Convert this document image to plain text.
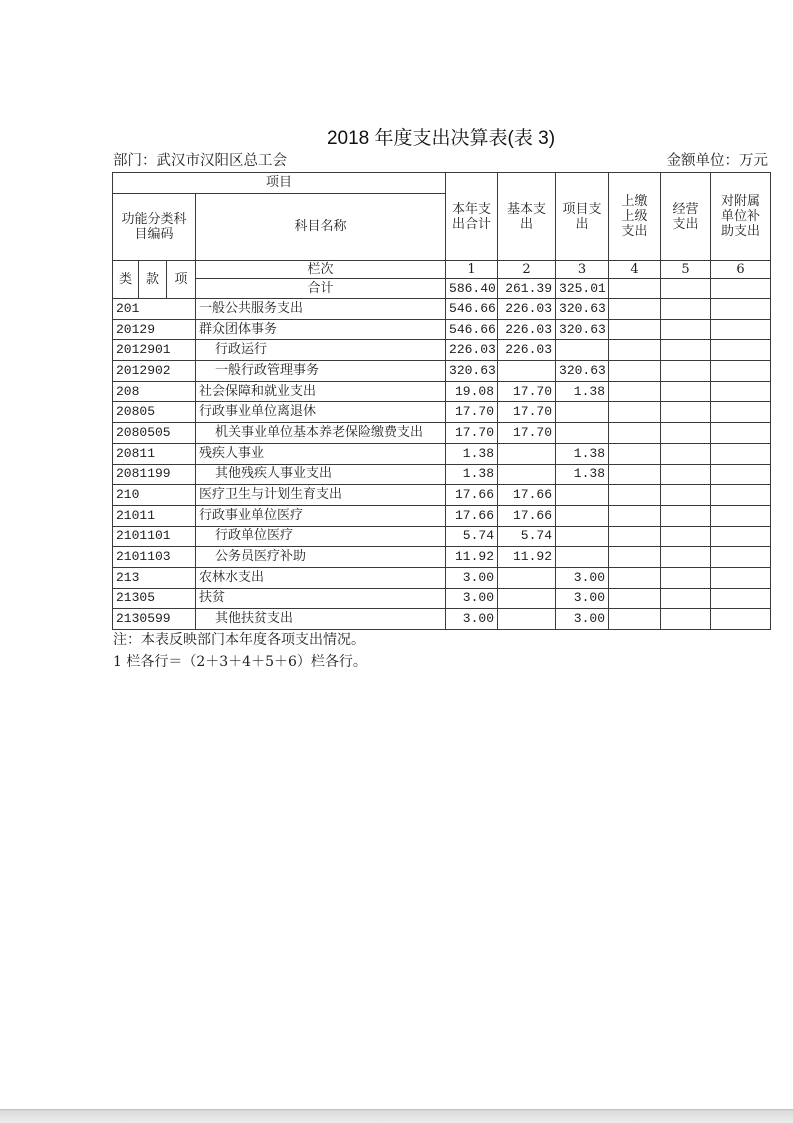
2018 年度支出决算表(表 3)
部门：武汉市汉阳区总工会	金额单位：万元
项目				本年支出合计	基本支出	项目支出	上缴上级支出	经营支出	对附属单位补助支出
功能分类科目编码			科目名称						
类	款	项	栏次	1	2	3	4	5	6
			合计	586.40	261.39	325.01			
201			一般公共服务支出	546.66	226.03	320.63			
20129			群众团体事务	546.66	226.03	320.63			
2012901			行政运行	226.03	226.03				
2012902			一般行政管理事务	320.63		320.63			
208			社会保障和就业支出	19.08	17.70	1.38			
20805			行政事业单位离退休	17.70	17.70				
2080505			机关事业单位基本养老保险缴费支出	17.70	17.70				
20811			残疾人事业	1.38		1.38			
2081199			其他残疾人事业支出	1.38		1.38			
210			医疗卫生与计划生育支出	17.66	17.66				
21011			行政事业单位医疗	17.66	17.66				
2101101			行政单位医疗	5.74	5.74				
2101103			公务员医疗补助	11.92	11.92				
213			农林水支出	3.00		3.00			
21305			扶贫	3.00		3.00			
2130599			其他扶贫支出	3.00		3.00			
注：本表反映部门本年度各项支出情况。
1 栏各行＝（2＋3＋4＋5＋6）栏各行。
